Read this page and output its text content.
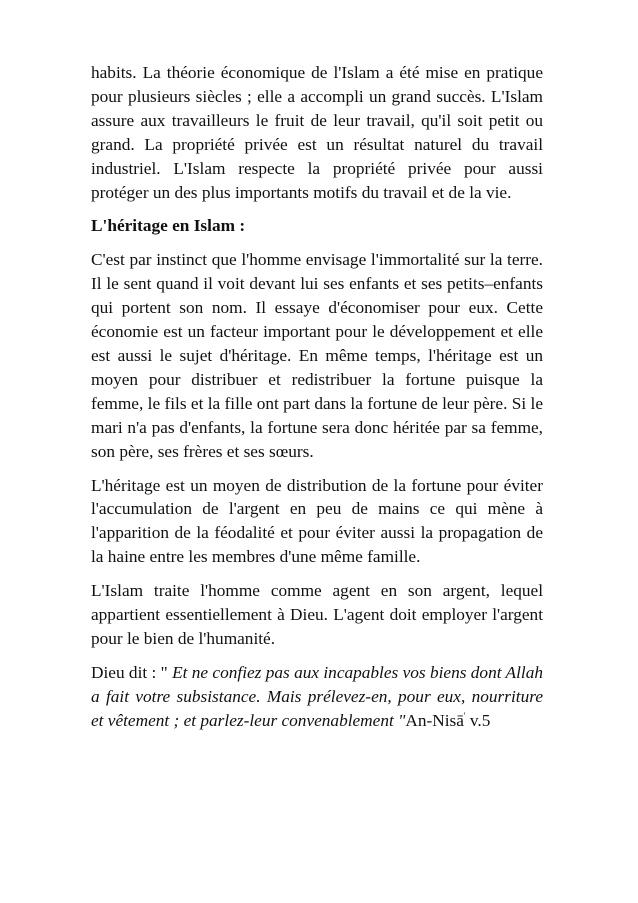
habits. La théorie économique de l'Islam a été mise en pratique pour plusieurs siècles ; elle a accompli un grand succès. L'Islam assure aux travailleurs le fruit de leur travail, qu'il soit petit ou grand. La propriété privée est un résultat naturel du travail industriel. L'Islam respecte la propriété privée pour aussi protéger un des plus importants motifs du travail et de la vie.

L'héritage en Islam :

C'est par instinct que l'homme envisage l'immortalité sur la terre. Il le sent quand il voit devant lui ses enfants et ses petits–enfants qui portent son nom. Il essaye d'économiser pour eux. Cette économie est un facteur important pour le développement et elle est aussi le sujet d'héritage. En même temps, l'héritage est un moyen pour distribuer et redistribuer la fortune puisque la femme, le fils et la fille ont part dans la fortune de leur père. Si le mari n'a pas d'enfants, la fortune sera donc héritée par sa femme, son père, ses frères et ses sœurs.

L'héritage est un moyen de distribution de la fortune pour éviter l'accumulation de l'argent en peu de mains ce qui mène à l'apparition de la féodalité et pour éviter aussi la propagation de la haine entre les membres d'une même famille.

L'Islam traite l'homme comme agent en son argent, lequel appartient essentiellement à Dieu. L'agent doit employer l'argent pour le bien de l'humanité.

Dieu dit : " Et ne confiez pas aux incapables vos biens dont Allah a fait votre subsistance. Mais prélevez-en, pour eux, nourriture et vêtement ; et parlez-leur convenablement "An-Nisā' v.5
